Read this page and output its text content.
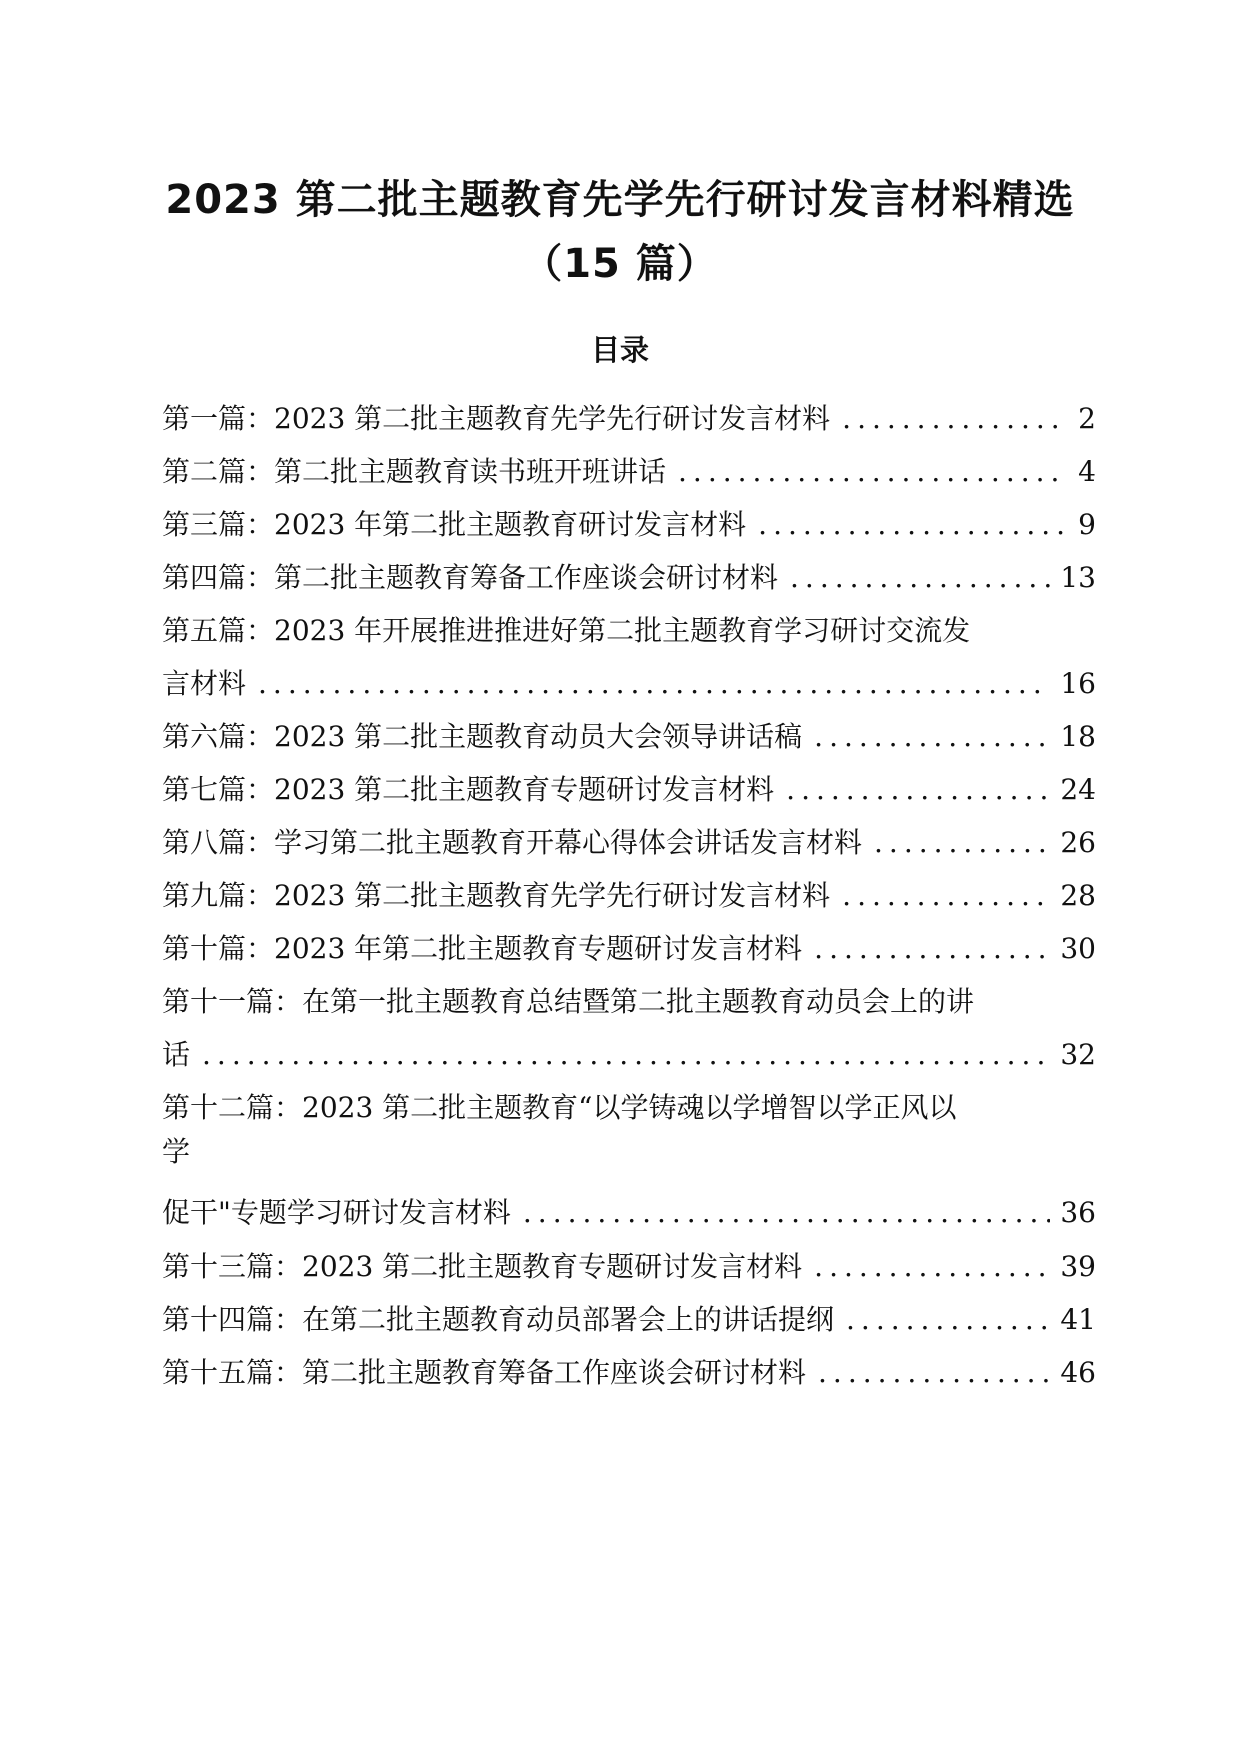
2023 第二批主题教育先学先行研讨发言材料精选（15 篇）
目录
第一篇：2023 第二批主题教育先学先行研讨发言材料 .....	2
第二篇：第二批主题教育读书班开班讲话 .....	4
第三篇：2023 年第二批主题教育研讨发言材料 .....	9
第四篇：第二批主题教育筹备工作座谈会研讨材料 .....	13
第五篇：2023 年开展推进推进好第二批主题教育学习研讨交流发
言材料 .....	16
第六篇：2023 第二批主题教育动员大会领导讲话稿 .....	18
第七篇：2023 第二批主题教育专题研讨发言材料 .....	24
第八篇：学习第二批主题教育开幕心得体会讲话发言材料 .....	26
第九篇：2023 第二批主题教育先学先行研讨发言材料 .....	28
第十篇：2023 年第二批主题教育专题研讨发言材料 .....	30
第十一篇：在第一批主题教育总结暨第二批主题教育动员会上的讲
话 .....	32
第十二篇：2023 第二批主题教育“以学铸魂以学增智以学正风以
学
促干"专题学习研讨发言材料 .....	36
第十三篇：2023 第二批主题教育专题研讨发言材料 .....	39
第十四篇：在第二批主题教育动员部署会上的讲话提纲 .....	41
第十五篇：第二批主题教育筹备工作座谈会研讨材料 .....	46
